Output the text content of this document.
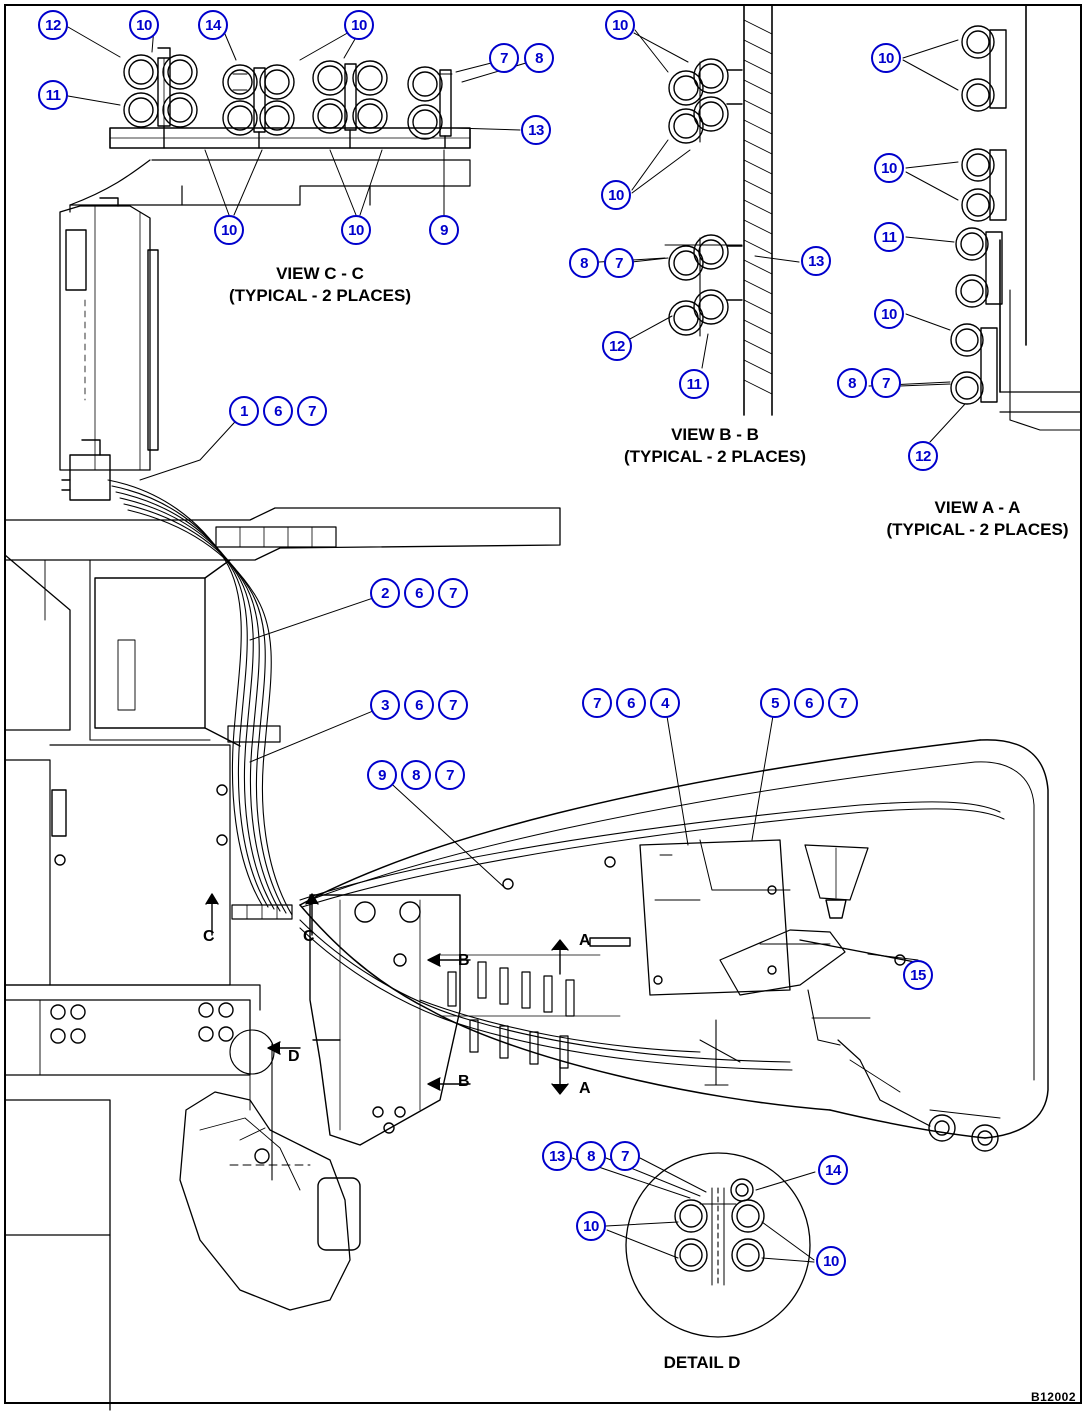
VIEW C - C
(TYPICAL - 2 PLACES)
VIEW B - B
(TYPICAL - 2 PLACES)
VIEW A - A
(TYPICAL - 2 PLACES)
DETAIL D
C	C
B
B
A
A
D
12	10	14	10
7	8
11
13
10	10	9
10
10
8	7	13
12
11
10
10
11
10
8	7
12
1	6	7
2	6	7
3	6	7
9	8	7
7	6	4	5	6	7
15
13	8	7
14
10
10
B12002
